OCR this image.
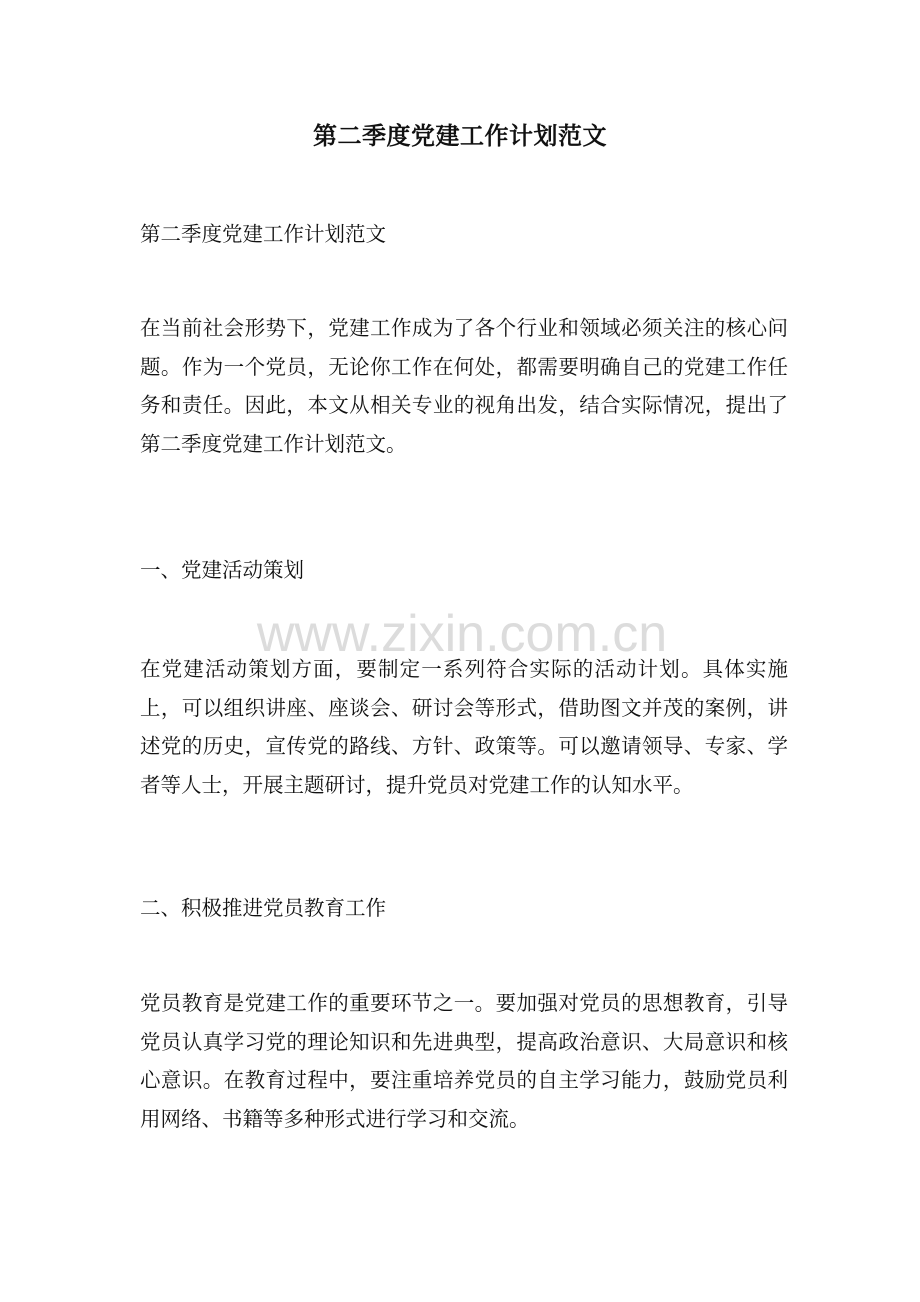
第二季度党建工作计划范文
第二季度党建工作计划范文
在当前社会形势下，党建工作成为了各个行业和领域必须关注的核心问题。作为一个党员，无论你工作在何处，都需要明确自己的党建工作任务和责任。因此，本文从相关专业的视角出发，结合实际情况，提出了第二季度党建工作计划范文。
一、党建活动策划
www.zixin.com.cn
在党建活动策划方面，要制定一系列符合实际的活动计划。具体实施上，可以组织讲座、座谈会、研讨会等形式，借助图文并茂的案例，讲述党的历史，宣传党的路线、方针、政策等。可以邀请领导、专家、学者等人士，开展主题研讨，提升党员对党建工作的认知水平。
二、积极推进党员教育工作
党员教育是党建工作的重要环节之一。要加强对党员的思想教育，引导党员认真学习党的理论知识和先进典型，提高政治意识、大局意识和核心意识。在教育过程中，要注重培养党员的自主学习能力，鼓励党员利用网络、书籍等多种形式进行学习和交流。
